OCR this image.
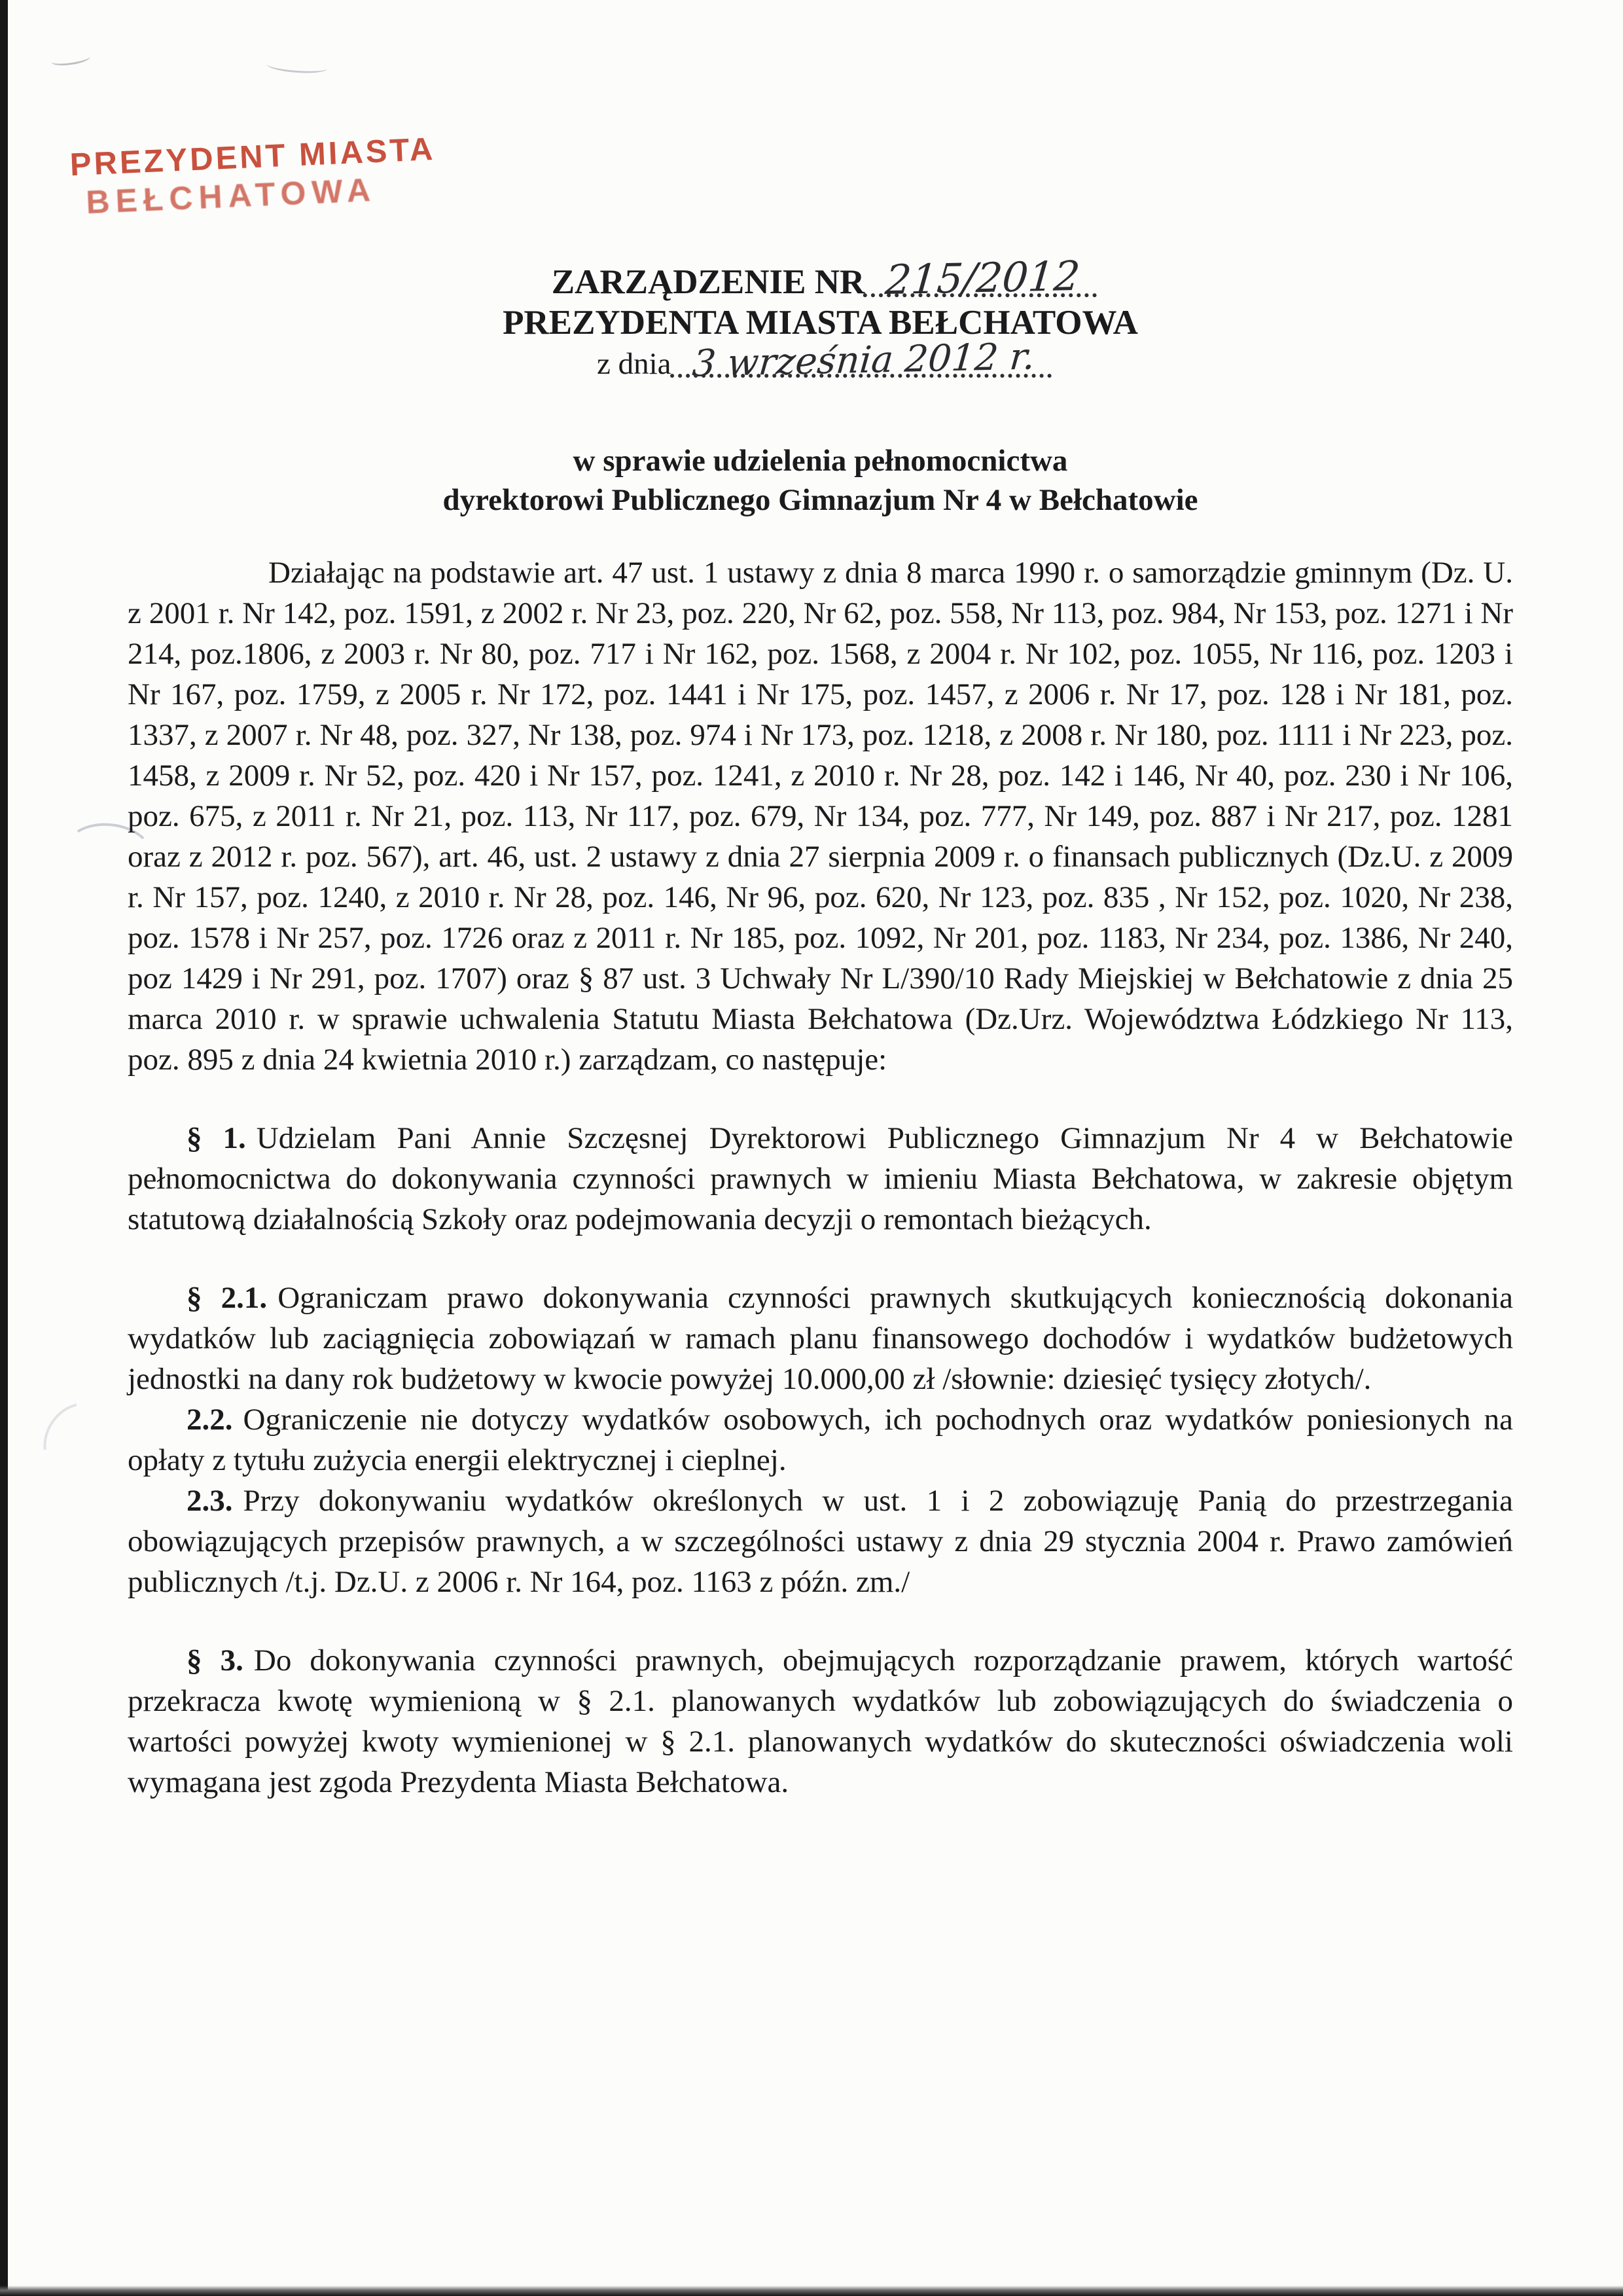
PREZYDENT MIASTA
BEŁCHATOWA
ZARZĄDZENIE NR 215/2012
PREZYDENTA MIASTA BEŁCHATOWA
z dnia 3 września 2012 r.
w sprawie udzielenia pełnomocnictwa
dyrektorowi Publicznego Gimnazjum Nr 4 w Bełchatowie

Działając na podstawie art. 47 ust. 1 ustawy z dnia 8 marca 1990 r. o samorządzie gminnym (Dz. U. z 2001 r. Nr 142, poz. 1591, z 2002 r. Nr 23, poz. 220, Nr 62, poz. 558, Nr 113, poz. 984, Nr 153, poz. 1271 i Nr 214, poz.1806, z 2003 r. Nr 80, poz. 717 i Nr 162, poz. 1568, z 2004 r. Nr 102, poz. 1055, Nr 116, poz. 1203 i Nr 167, poz. 1759, z 2005 r. Nr 172, poz. 1441 i Nr 175, poz. 1457, z 2006 r. Nr 17, poz. 128 i Nr 181, poz. 1337, z 2007 r. Nr 48, poz. 327, Nr 138, poz. 974 i Nr 173, poz. 1218, z 2008 r. Nr 180, poz. 1111 i Nr 223, poz. 1458, z 2009 r. Nr 52, poz. 420 i Nr 157, poz. 1241, z 2010 r. Nr 28, poz. 142 i 146, Nr 40, poz. 230 i Nr 106, poz. 675, z 2011 r. Nr 21, poz. 113, Nr 117, poz. 679, Nr 134, poz. 777, Nr 149, poz. 887 i Nr 217, poz. 1281 oraz z 2012 r. poz. 567), art. 46, ust. 2 ustawy z dnia 27 sierpnia 2009 r. o finansach publicznych (Dz.U. z 2009 r. Nr 157, poz. 1240, z 2010 r. Nr 28, poz. 146, Nr 96, poz. 620, Nr 123, poz. 835 , Nr 152, poz. 1020, Nr 238, poz. 1578 i Nr 257, poz. 1726 oraz z 2011 r. Nr 185, poz. 1092, Nr 201, poz. 1183, Nr 234, poz. 1386, Nr 240, poz 1429 i Nr 291, poz. 1707) oraz § 87 ust. 3 Uchwały Nr L/390/10 Rady Miejskiej w Bełchatowie z dnia 25 marca 2010 r. w sprawie uchwalenia Statutu Miasta Bełchatowa (Dz.Urz. Województwa Łódzkiego Nr 113, poz. 895 z dnia 24 kwietnia 2010 r.) zarządzam, co następuje:

§ 1. Udzielam Pani Annie Szczęsnej Dyrektorowi Publicznego Gimnazjum Nr 4 w Bełchatowie pełnomocnictwa do dokonywania czynności prawnych w imieniu Miasta Bełchatowa, w zakresie objętym statutową działalnością Szkoły oraz podejmowania decyzji o remontach bieżących.

§ 2.1. Ograniczam prawo dokonywania czynności prawnych skutkujących koniecznością dokonania wydatków lub zaciągnięcia zobowiązań w ramach planu finansowego dochodów i wydatków budżetowych jednostki na dany rok budżetowy w kwocie powyżej 10.000,00 zł /słownie: dziesięć tysięcy złotych/.

2.2. Ograniczenie nie dotyczy wydatków osobowych, ich pochodnych oraz wydatków poniesionych na opłaty z tytułu zużycia energii elektrycznej i cieplnej.

2.3. Przy dokonywaniu wydatków określonych w ust. 1 i 2 zobowiązuję Panią do przestrzegania obowiązujących przepisów prawnych, a w szczególności ustawy z dnia 29 stycznia 2004 r. Prawo zamówień publicznych /t.j. Dz.U. z 2006 r. Nr 164, poz. 1163 z późn. zm./

§ 3. Do dokonywania czynności prawnych, obejmujących rozporządzanie prawem, których wartość przekracza kwotę wymienioną w § 2.1. planowanych wydatków lub zobowiązujących do świadczenia o wartości powyżej kwoty wymienionej w § 2.1. planowanych wydatków do skuteczności oświadczenia woli wymagana jest zgoda Prezydenta Miasta Bełchatowa.
